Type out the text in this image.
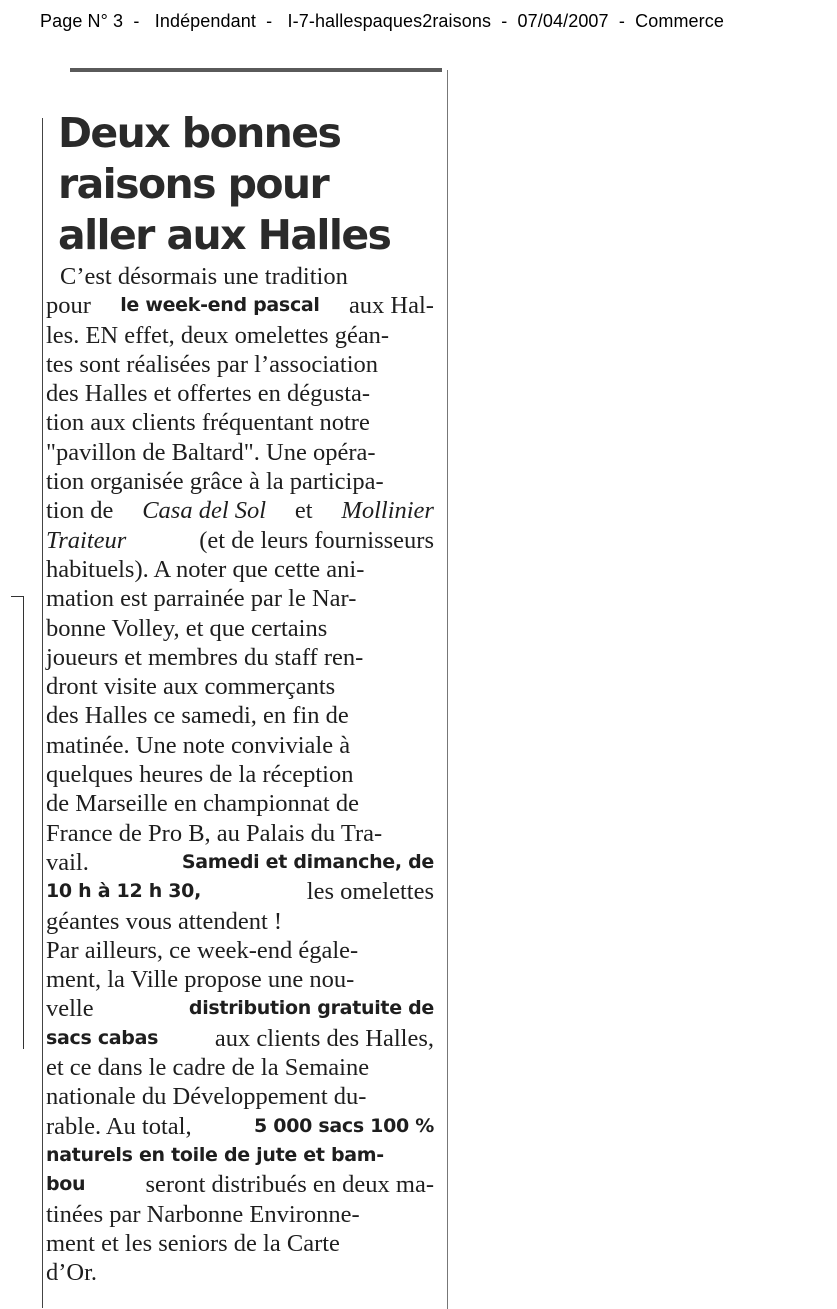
Page N° 3  -   Indépendant  -   I-7-hallespaques2raisons  -  07/04/2007  -  Commerce
Deux bonnes
raisons pour
aller aux Halles
C’est désormais une tradition
pour le week-end pascal aux Hal-
les. EN effet, deux omelettes géan-
tes sont réalisées par l’association
des Halles et offertes en dégusta-
tion aux clients fréquentant notre
"pavillon de Baltard". Une opéra-
tion organisée grâce à la participa-
tion de Casa del Sol et Mollinier
Traiteur	(et de leurs fournisseurs
habituels). A noter que cette ani-
mation est parrainée par le Nar-
bonne Volley, et que certains
joueurs et membres du staff ren-
dront visite aux commerçants
des Halles ce samedi, en fin de
matinée. Une note conviviale à
quelques heures de la réception
de Marseille en championnat de
France de Pro B, au Palais du Tra-
vail.	Samedi et dimanche, de
10 h à 12 h 30,	les omelettes
géantes vous attendent !
Par ailleurs, ce week-end égale-
ment, la Ville propose une nou-
velle	distribution gratuite de
sacs cabas aux clients des Halles,
et ce dans le cadre de la Semaine
nationale du Développement du-
rable. Au total,	5 000 sacs 100 %
naturels en toile de jute et bam-
bou seront distribués en deux ma-
tinées par Narbonne Environne-
ment et les seniors de la Carte
d’Or.
